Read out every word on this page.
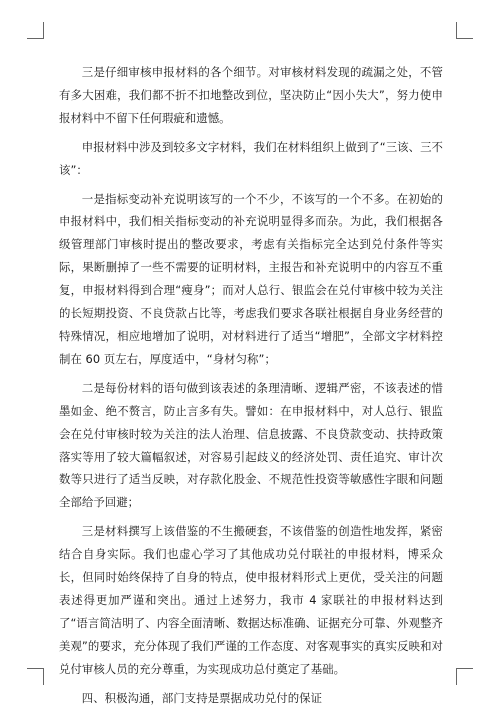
三是仔细审核申报材料的各个细节。对审核材料发现的疏漏之处，不管有多大困难，我们都不折不扣地整改到位，坚决防止“因小失大”，努力使申报材料中不留下任何瑕疵和遗憾。

申报材料中涉及到较多文字材料，我们在材料组织上做到了“三该、三不该”：

一是指标变动补充说明该写的一个不少，不该写的一个不多。在初始的申报材料中，我们相关指标变动的补充说明显得多而杂。为此，我们根据各级管理部门审核时提出的整改要求，考虑有关指标完全达到兑付条件等实际，果断删掉了一些不需要的证明材料，主报告和补充说明中的内容互不重复，申报材料得到合理“瘦身”；而对人总行、银监会在兑付审核中较为关注的长短期投资、不良贷款占比等，考虑我们要求各联社根据自身业务经营的特殊情况，相应地增加了说明，对材料进行了适当“增肥”，全部文字材料控制在 60 页左右，厚度适中，“身材匀称”；

二是每份材料的语句做到该表述的条理清晰、逻辑严密，不该表述的惜墨如金、绝不赘言，防止言多有失。譬如：在申报材料中，对人总行、银监会在兑付审核时较为关注的法人治理、信息披露、不良贷款变动、扶持政策落实等用了较大篇幅叙述，对容易引起歧义的经济处罚、责任追究、审计次数等只进行了适当反映，对存款化股金、不规范性投资等敏感性字眼和问题全部给予回避；

三是材料撰写上该借鉴的不生搬硬套，不该借鉴的创造性地发挥，紧密结合自身实际。我们也虚心学习了其他成功兑付联社的申报材料，博采众长，但同时始终保持了自身的特点，使申报材料形式上更优，受关注的问题表述得更加严谨和突出。通过上述努力，我市 4 家联社的申报材料达到了“语言简洁明了、内容全面清晰、数据达标准确、证据充分可靠、外观整齐美观”的要求，充分体现了我们严谨的工作态度、对客观事实的真实反映和对兑付审核人员的充分尊重，为实现成功总付奠定了基础。

四、积极沟通，部门支持是票据成功兑付的保证
